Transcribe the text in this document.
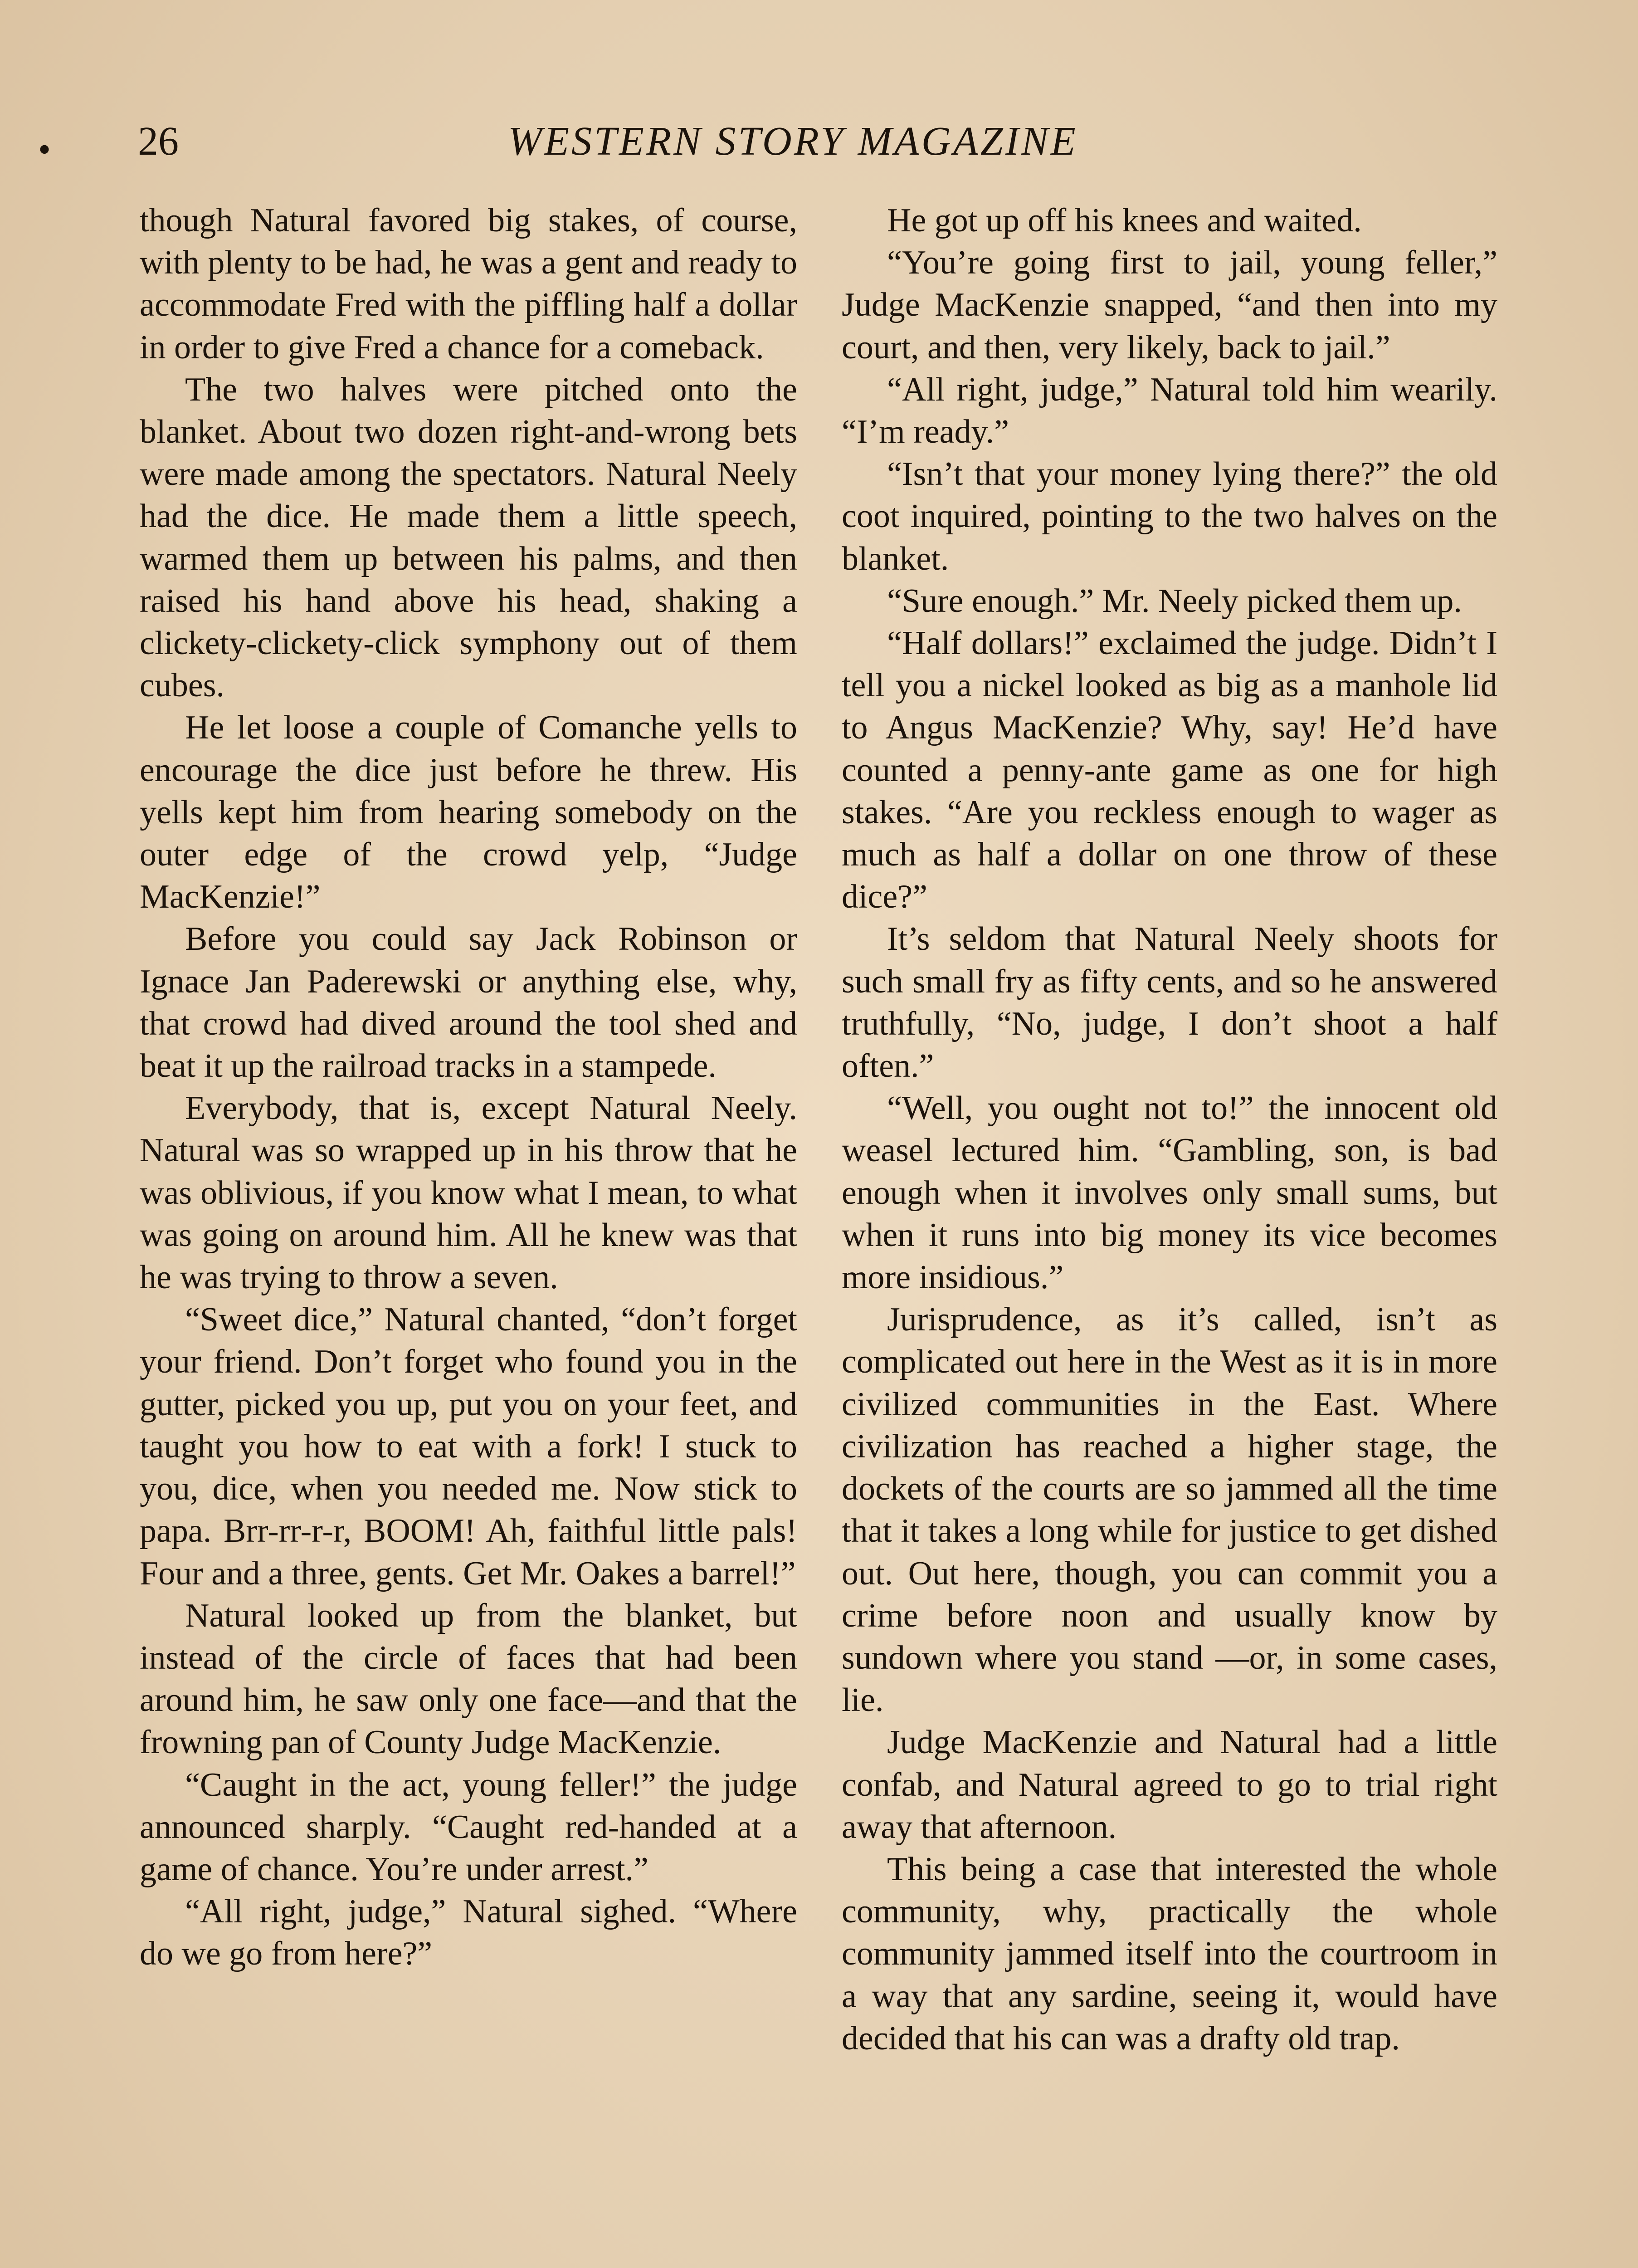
• 26	WESTERN STORY MAGAZINE

though Natural favored big stakes, of course, with plenty to be had, he was a gent and ready to accommodate Fred with the piffling half a dollar in order to give Fred a chance for a comeback.

The two halves were pitched onto the blanket. About two dozen right-and-wrong bets were made among the spectators. Natural Neely had the dice. He made them a little speech, warmed them up between his palms, and then raised his hand above his head, shaking a clickety-clickety-click symphony out of them cubes.

He let loose a couple of Comanche yells to encourage the dice just before he threw. His yells kept him from hearing somebody on the outer edge of the crowd yelp, “Judge MacKenzie!”

Before you could say Jack Robinson or Ignace Jan Paderewski or anything else, why, that crowd had dived around the tool shed and beat it up the railroad tracks in a stampede.

Everybody, that is, except Natural Neely. Natural was so wrapped up in his throw that he was oblivious, if you know what I mean, to what was going on around him. All he knew was that he was trying to throw a seven.

“Sweet dice,” Natural chanted, “don’t forget your friend. Don’t forget who found you in the gutter, picked you up, put you on your feet, and taught you how to eat with a fork! I stuck to you, dice, when you needed me. Now stick to papa. Brr-rr-r-r, BOOM! Ah, faithful little pals! Four and a three, gents. Get Mr. Oakes a barrel!”

Natural looked up from the blanket, but instead of the circle of faces that had been around him, he saw only one face—and that the frowning pan of County Judge MacKenzie.

“Caught in the act, young feller!” the judge announced sharply. “Caught red-handed at a game of chance. You’re under arrest.”

“All right, judge,” Natural sighed. “Where do we go from here?”

He got up off his knees and waited.

“You’re going first to jail, young feller,” Judge MacKenzie snapped, “and then into my court, and then, very likely, back to jail.”

“All right, judge,” Natural told him wearily. “I’m ready.”

“Isn’t that your money lying there?” the old coot inquired, pointing to the two halves on the blanket.

“Sure enough.” Mr. Neely picked them up.

“Half dollars!” exclaimed the judge. Didn’t I tell you a nickel looked as big as a manhole lid to Angus MacKenzie? Why, say! He’d have counted a penny-ante game as one for high stakes. “Are you reckless enough to wager as much as half a dollar on one throw of these dice?”

It’s seldom that Natural Neely shoots for such small fry as fifty cents, and so he answered truthfully, “No, judge, I don’t shoot a half often.”

“Well, you ought not to!” the innocent old weasel lectured him. “Gambling, son, is bad enough when it involves only small sums, but when it runs into big money its vice becomes more insidious.”

Jurisprudence, as it’s called, isn’t as complicated out here in the West as it is in more civilized communities in the East. Where civilization has reached a higher stage, the dockets of the courts are so jammed all the time that it takes a long while for justice to get dished out. Out here, though, you can commit you a crime before noon and usually know by sundown where you stand —or, in some cases, lie.

Judge MacKenzie and Natural had a little confab, and Natural agreed to go to trial right away that afternoon.

This being a case that interested the whole community, why, practically the whole community jammed itself into the courtroom in a way that any sardine, seeing it, would have decided that his can was a drafty old trap.
